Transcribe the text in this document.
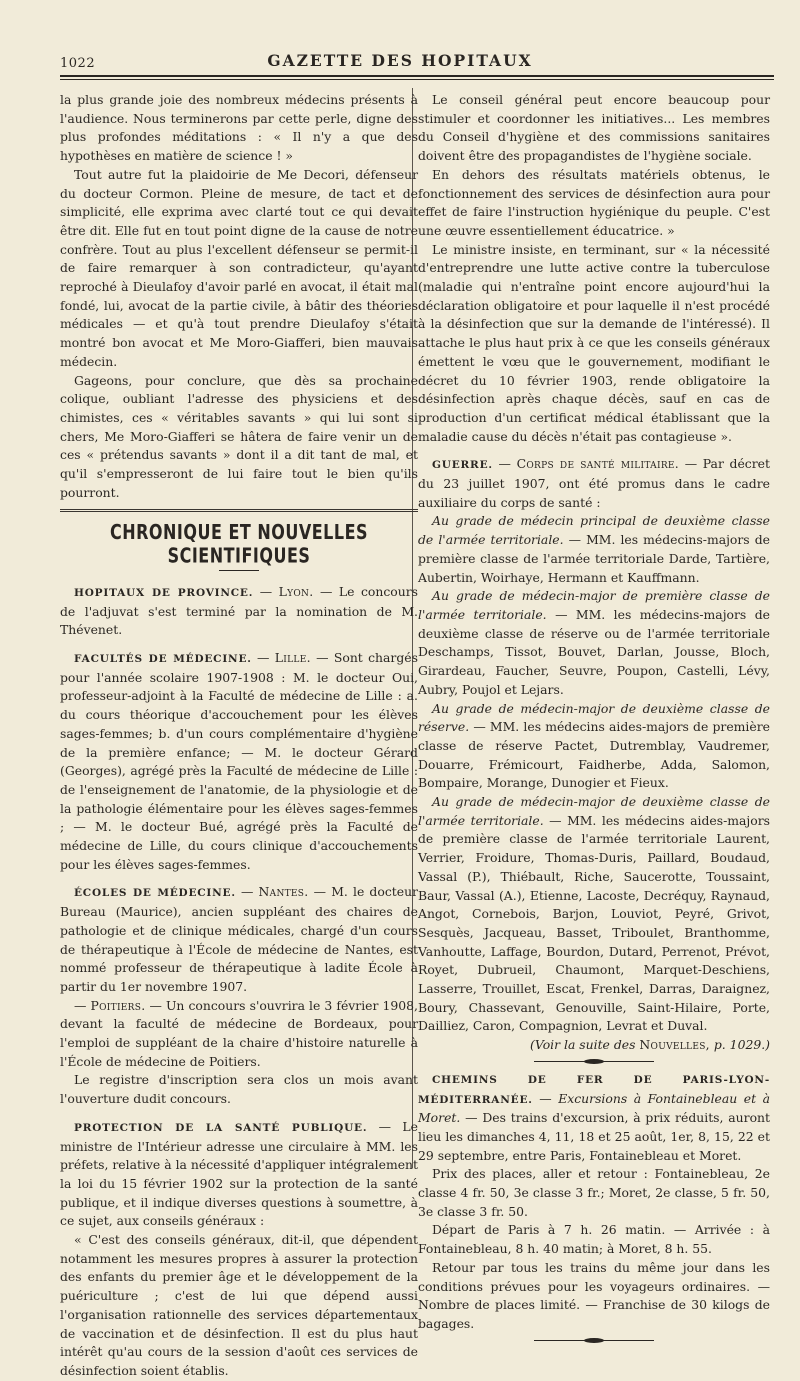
1022	GAZETTE DES HOPITAUX

la plus grande joie des nombreux médecins présents à l'audience. Nous terminerons par cette perle, digne des plus profondes méditations : « Il n'y a que des hypothèses en matière de science ! »

Tout autre fut la plaidoirie de Me Decori, défenseur du docteur Cormon. Pleine de mesure, de tact et de simplicité, elle exprima avec clarté tout ce qui devait être dit. Elle fut en tout point digne de la cause de notre confrère. Tout au plus l'excellent défenseur se permit-il de faire remarquer à son contradicteur, qu'ayant reproché à Dieulafoy d'avoir parlé en avocat, il était mal fondé, lui, avocat de la partie civile, à bâtir des théories médicales — et qu'à tout prendre Dieulafoy s'était montré bon avocat et Me Moro-Giafferi, bien mauvais médecin.

Gageons, pour conclure, que dès sa prochaine colique, oubliant l'adresse des physiciens et des chimistes, ces « véritables savants » qui lui sont si chers, Me Moro-Giafferi se hâtera de faire venir un de ces « prétendus savants » dont il a dit tant de mal, et qu'il s'empresseront de lui faire tout le bien qu'ils pourront.

CHRONIQUE ET NOUVELLES SCIENTIFIQUES

HOPITAUX DE PROVINCE. — Lyon. — Le concours de l'adjuvat s'est terminé par la nomination de M. Thévenet.

FACULTÉS DE MÉDECINE. — Lille. — Sont chargés pour l'année scolaire 1907-1908 : M. le docteur Oui, professeur-adjoint à la Faculté de médecine de Lille : a. du cours théorique d'accouchement pour les élèves sages-femmes; b. d'un cours complémentaire d'hygiène de la première enfance; — M. le docteur Gérard (Georges), agrégé près la Faculté de médecine de Lille : de l'enseignement de l'anatomie, de la physiologie et de la pathologie élémentaire pour les élèves sages-femmes ; — M. le docteur Bué, agrégé près la Faculté de médecine de Lille, du cours clinique d'accouchements pour les élèves sages-femmes.

ÉCOLES DE MÉDECINE. — Nantes. — M. le docteur Bureau (Maurice), ancien suppléant des chaires de pathologie et de clinique médicales, chargé d'un cours de thérapeutique à l'École de médecine de Nantes, est nommé professeur de thérapeutique à ladite École à partir du 1er novembre 1907.

— Poitiers. — Un concours s'ouvrira le 3 février 1908, devant la faculté de médecine de Bordeaux, pour l'emploi de suppléant de la chaire d'histoire naturelle à l'École de médecine de Poitiers.

Le registre d'inscription sera clos un mois avant l'ouverture dudit concours.

PROTECTION DE LA SANTÉ PUBLIQUE. — Le ministre de l'Intérieur adresse une circulaire à MM. les préfets, relative à la nécessité d'appliquer intégralement la loi du 15 février 1902 sur la protection de la santé publique, et il indique diverses questions à soumettre, à ce sujet, aux conseils généraux :

« C'est des conseils généraux, dit-il, que dépendent notamment les mesures propres à assurer la protection des enfants du premier âge et le développement de la puériculture ; c'est de lui que dépend aussi l'organisation rationnelle des services départementaux de vaccination et de désinfection. Il est du plus haut intérêt qu'au cours de la session d'août ces services de désinfection soient établis.

Le conseil général peut encore beaucoup pour stimuler et coordonner les initiatives... Les membres du Conseil d'hygiène et des commissions sanitaires doivent être des propagandistes de l'hygiène sociale.

En dehors des résultats matériels obtenus, le fonctionnement des services de désinfection aura pour effet de faire l'instruction hygiénique du peuple. C'est une œuvre essentiellement éducatrice. »

Le ministre insiste, en terminant, sur « la nécessité d'entreprendre une lutte active contre la tuberculose (maladie qui n'entraîne point encore aujourd'hui la déclaration obligatoire et pour laquelle il n'est procédé à la désinfection que sur la demande de l'intéressé). Il attache le plus haut prix à ce que les conseils généraux émettent le vœu que le gouvernement, modifiant le décret du 10 février 1903, rende obligatoire la désinfection après chaque décès, sauf en cas de production d'un certificat médical établissant que la maladie cause du décès n'était pas contagieuse ».

GUERRE. — Corps de santé militaire. — Par décret du 23 juillet 1907, ont été promus dans le cadre auxiliaire du corps de santé :

Au grade de médecin principal de deuxième classe de l'armée territoriale. — MM. les médecins-majors de première classe de l'armée territoriale Darde, Tartière, Aubertin, Woirhaye, Hermann et Kauffmann.

Au grade de médecin-major de première classe de l'armée territoriale. — MM. les médecins-majors de deuxième classe de réserve ou de l'armée territoriale Deschamps, Tissot, Bouvet, Darlan, Jousse, Bloch, Girardeau, Faucher, Seuvre, Poupon, Castelli, Lévy, Aubry, Poujol et Lejars.

Au grade de médecin-major de deuxième classe de réserve. — MM. les médecins aides-majors de première classe de réserve Pactet, Dutremblay, Vaudremer, Douarre, Frémicourt, Faidherbe, Adda, Salomon, Bompaire, Morange, Dunogier et Fieux.

Au grade de médecin-major de deuxième classe de l'armée territoriale. — MM. les médecins aides-majors de première classe de l'armée territoriale Laurent, Verrier, Froidure, Thomas-Duris, Paillard, Boudaud, Vassal (P.), Thiébault, Riche, Saucerotte, Toussaint, Baur, Vassal (A.), Etienne, Lacoste, Decréquy, Raynaud, Angot, Cornebois, Barjon, Louviot, Peyré, Grivot, Sesquès, Jacqueau, Basset, Triboulet, Branthomme, Vanhoutte, Laffage, Bourdon, Dutard, Perrenot, Prévot, Royet, Dubrueil, Chaumont, Marquet-Deschiens, Lasserre, Trouillet, Escat, Frenkel, Darras, Daraignez, Boury, Chassevant, Genouville, Saint-Hilaire, Porte, Dailliez, Caron, Compagnion, Levrat et Duval.

(Voir la suite des Nouvelles, p. 1029.)

CHEMINS DE FER DE PARIS-LYON-MÉDITERRANÉE. — Excursions à Fontainebleau et à Moret. — Des trains d'excursion, à prix réduits, auront lieu les dimanches 4, 11, 18 et 25 août, 1er, 8, 15, 22 et 29 septembre, entre Paris, Fontainebleau et Moret.

Prix des places, aller et retour : Fontainebleau, 2e classe 4 fr. 50, 3e classe 3 fr.; Moret, 2e classe, 5 fr. 50, 3e classe 3 fr. 50.

Départ de Paris à 7 h. 26 matin. — Arrivée : à Fontainebleau, 8 h. 40 matin; à Moret, 8 h. 55.

Retour par tous les trains du même jour dans les conditions prévues pour les voyageurs ordinaires. — Nombre de places limité. — Franchise de 30 kilogs de bagages.
